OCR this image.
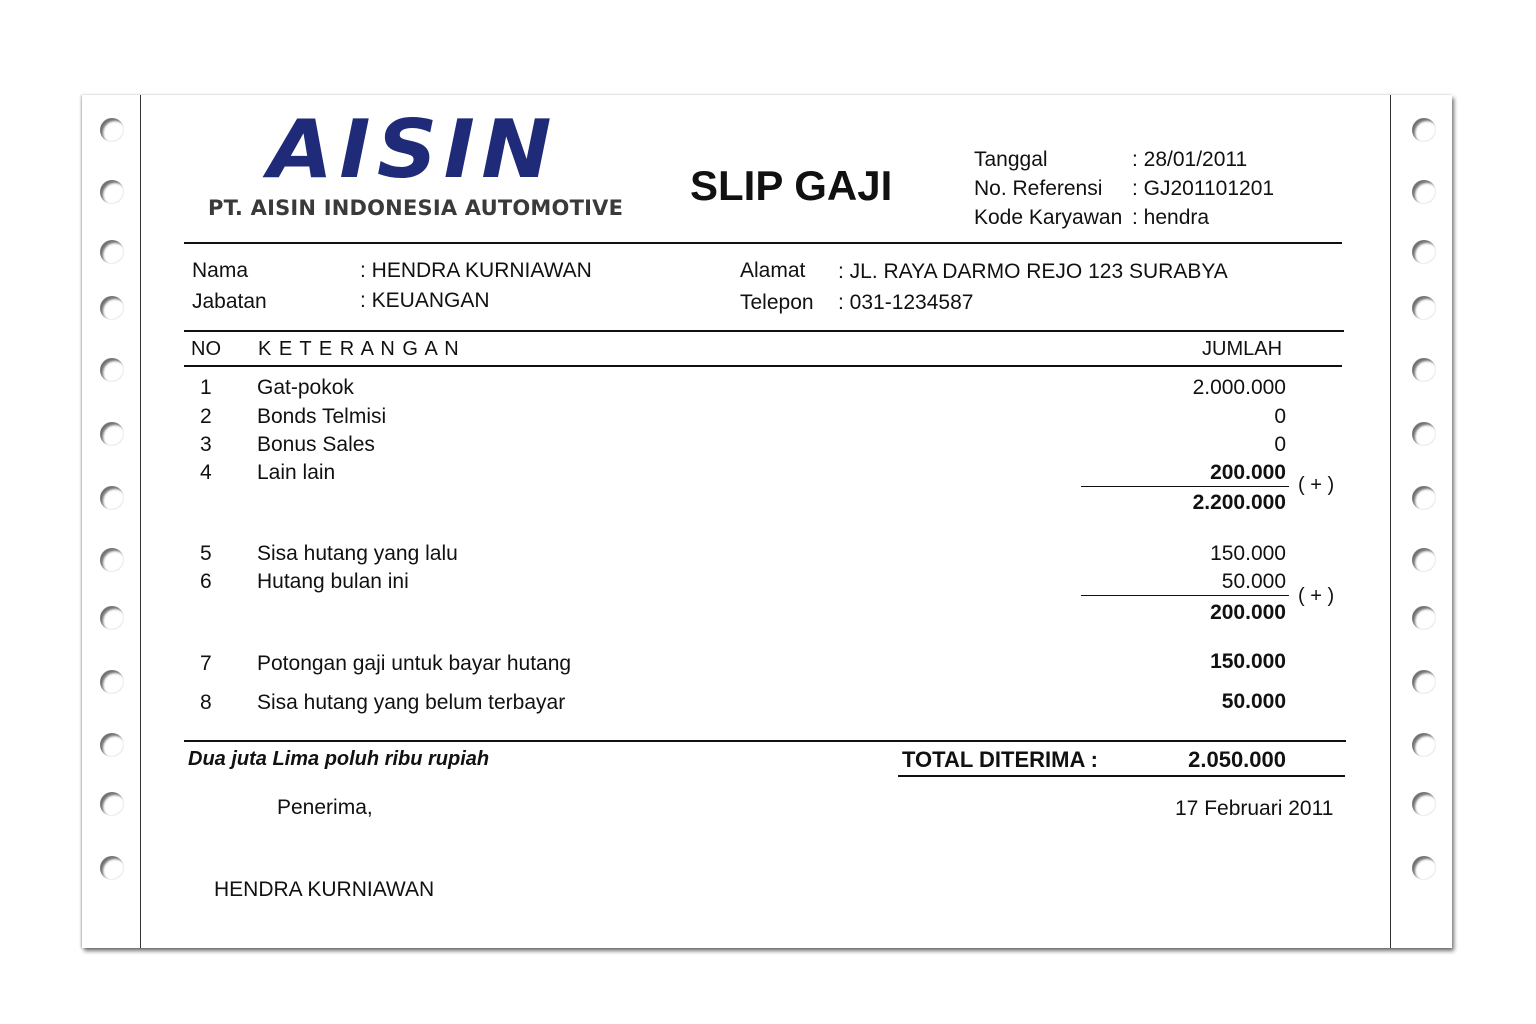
AISIN
PT. AISIN INDONESIA AUTOMOTIVE SLIP GAJI
Tanggal	: 28/01/2011
No. Referensi : GJ201101201
Kode Karyawan : hendra
Nama	: HENDRA KURNIAWAN
Jabatan	: KEUANGAN
Alamat : JL. RAYA DARMO REJO 123 SURABYA
Telepon : 031-1234587
NO K E T E R A N G A N	JUMLAH
1 Gat-pokok	2.000.000
2 Bonds Telmisi	0
3 Bonus Sales	0
4 Lain lain	200.000
( + )
2.200.000
5 Sisa hutang yang lalu	150.000
6 Hutang bulan ini	50.000
( + )
200.000
7 Potongan gaji untuk bayar hutang	150.000
8 Sisa hutang yang belum terbayar	50.000
Dua juta Lima poluh ribu rupiah	TOTAL DITERIMA :	2.050.000
Penerima,	17 Februari 2011
HENDRA KURNIAWAN
